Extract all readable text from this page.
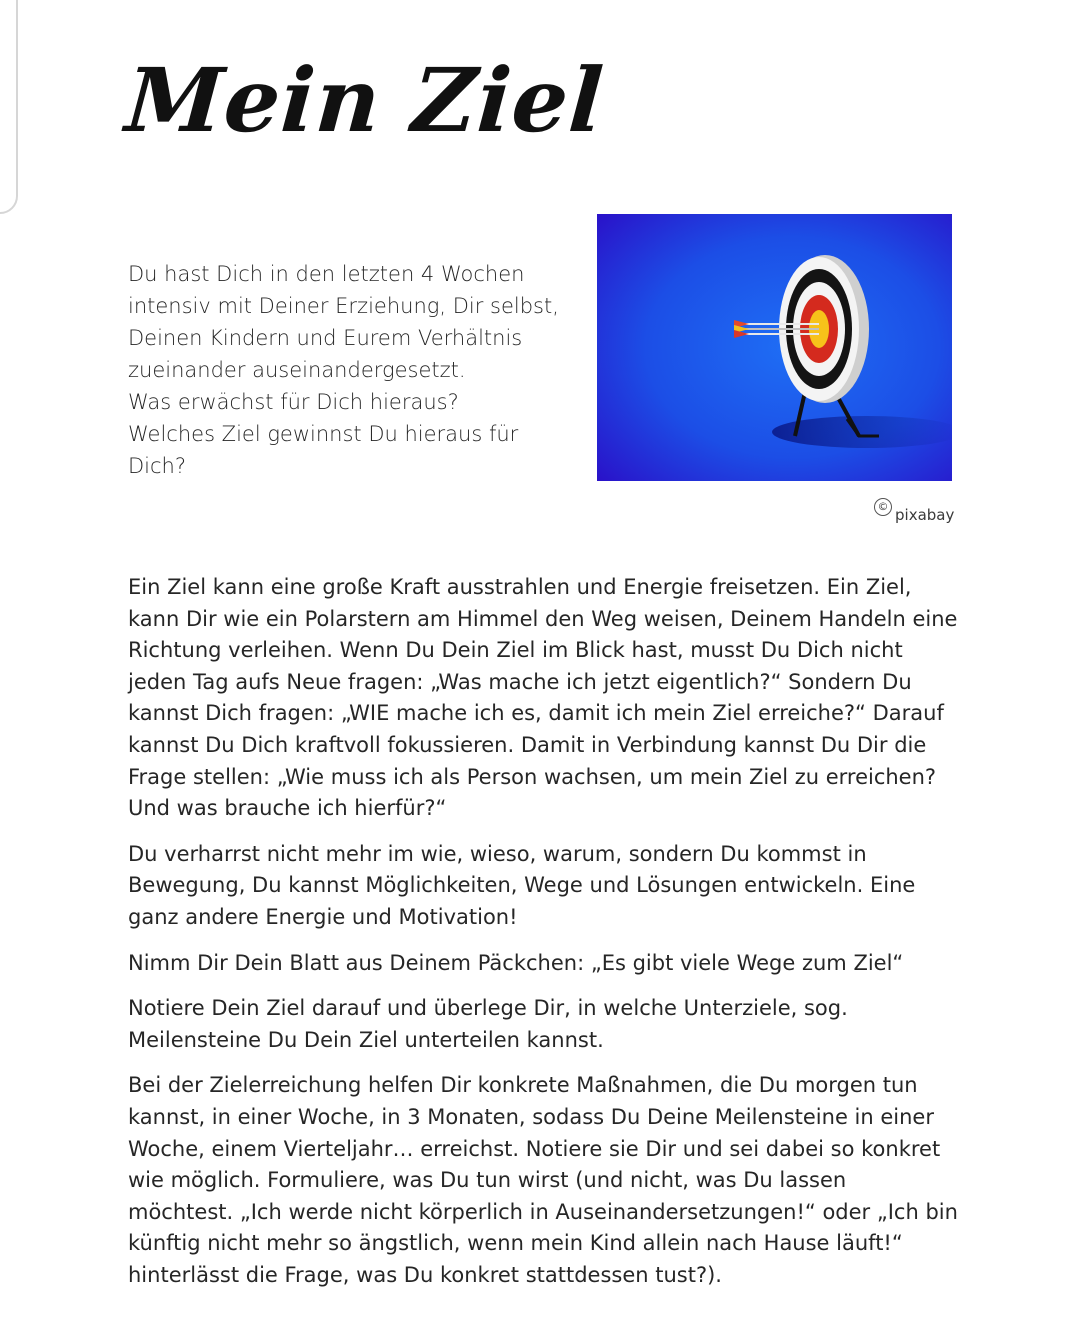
Mein Ziel

Du hast Dich in den letzten 4 Wochen

intensiv mit Deiner Erziehung, Dir selbst,

Deinen Kindern und Eurem Verhältnis

zueinander auseinandergesetzt.

Was erwächst für Dich hieraus?

Welches Ziel gewinnst Du hieraus für Dich?

© pixabay

Ein Ziel kann eine große Kraft ausstrahlen und Energie freisetzen. Ein Ziel, kann Dir wie ein Polarstern am Himmel den Weg weisen, Deinem Handeln eine Richtung verleihen. Wenn Du Dein Ziel im Blick hast, musst Du Dich nicht jeden Tag aufs Neue fragen: „Was mache ich jetzt eigentlich?“ Sondern Du kannst Dich fragen: „WIE mache ich es, damit ich mein Ziel erreiche?“ Darauf kannst Du Dich kraftvoll fokussieren. Damit in Verbindung kannst Du Dir die Frage stellen: „Wie muss ich als Person wachsen, um mein Ziel zu erreichen? Und was brauche ich hierfür?“

Du verharrst nicht mehr im wie, wieso, warum, sondern Du kommst in Bewegung, Du kannst Möglichkeiten, Wege und Lösungen entwickeln. Eine ganz andere Energie und Motivation!

Nimm Dir Dein Blatt aus Deinem Päckchen: „Es gibt viele Wege zum Ziel“

Notiere Dein Ziel darauf und überlege Dir, in welche Unterziele, sog. Meilensteine Du Dein Ziel unterteilen kannst.

Bei der Zielerreichung helfen Dir konkrete Maßnahmen, die Du morgen tun kannst, in einer Woche, in 3 Monaten, sodass Du Deine Meilensteine in einer Woche, einem Vierteljahr… erreichst. Notiere sie Dir und sei dabei so konkret wie möglich. Formuliere, was Du tun wirst (und nicht, was Du lassen möchtest. „Ich werde nicht körperlich in Auseinandersetzungen!“ oder „Ich bin künftig nicht mehr so ängstlich, wenn mein Kind allein nach Hause läuft!“ hinterlässt die Frage, was Du konkret stattdessen tust?).
